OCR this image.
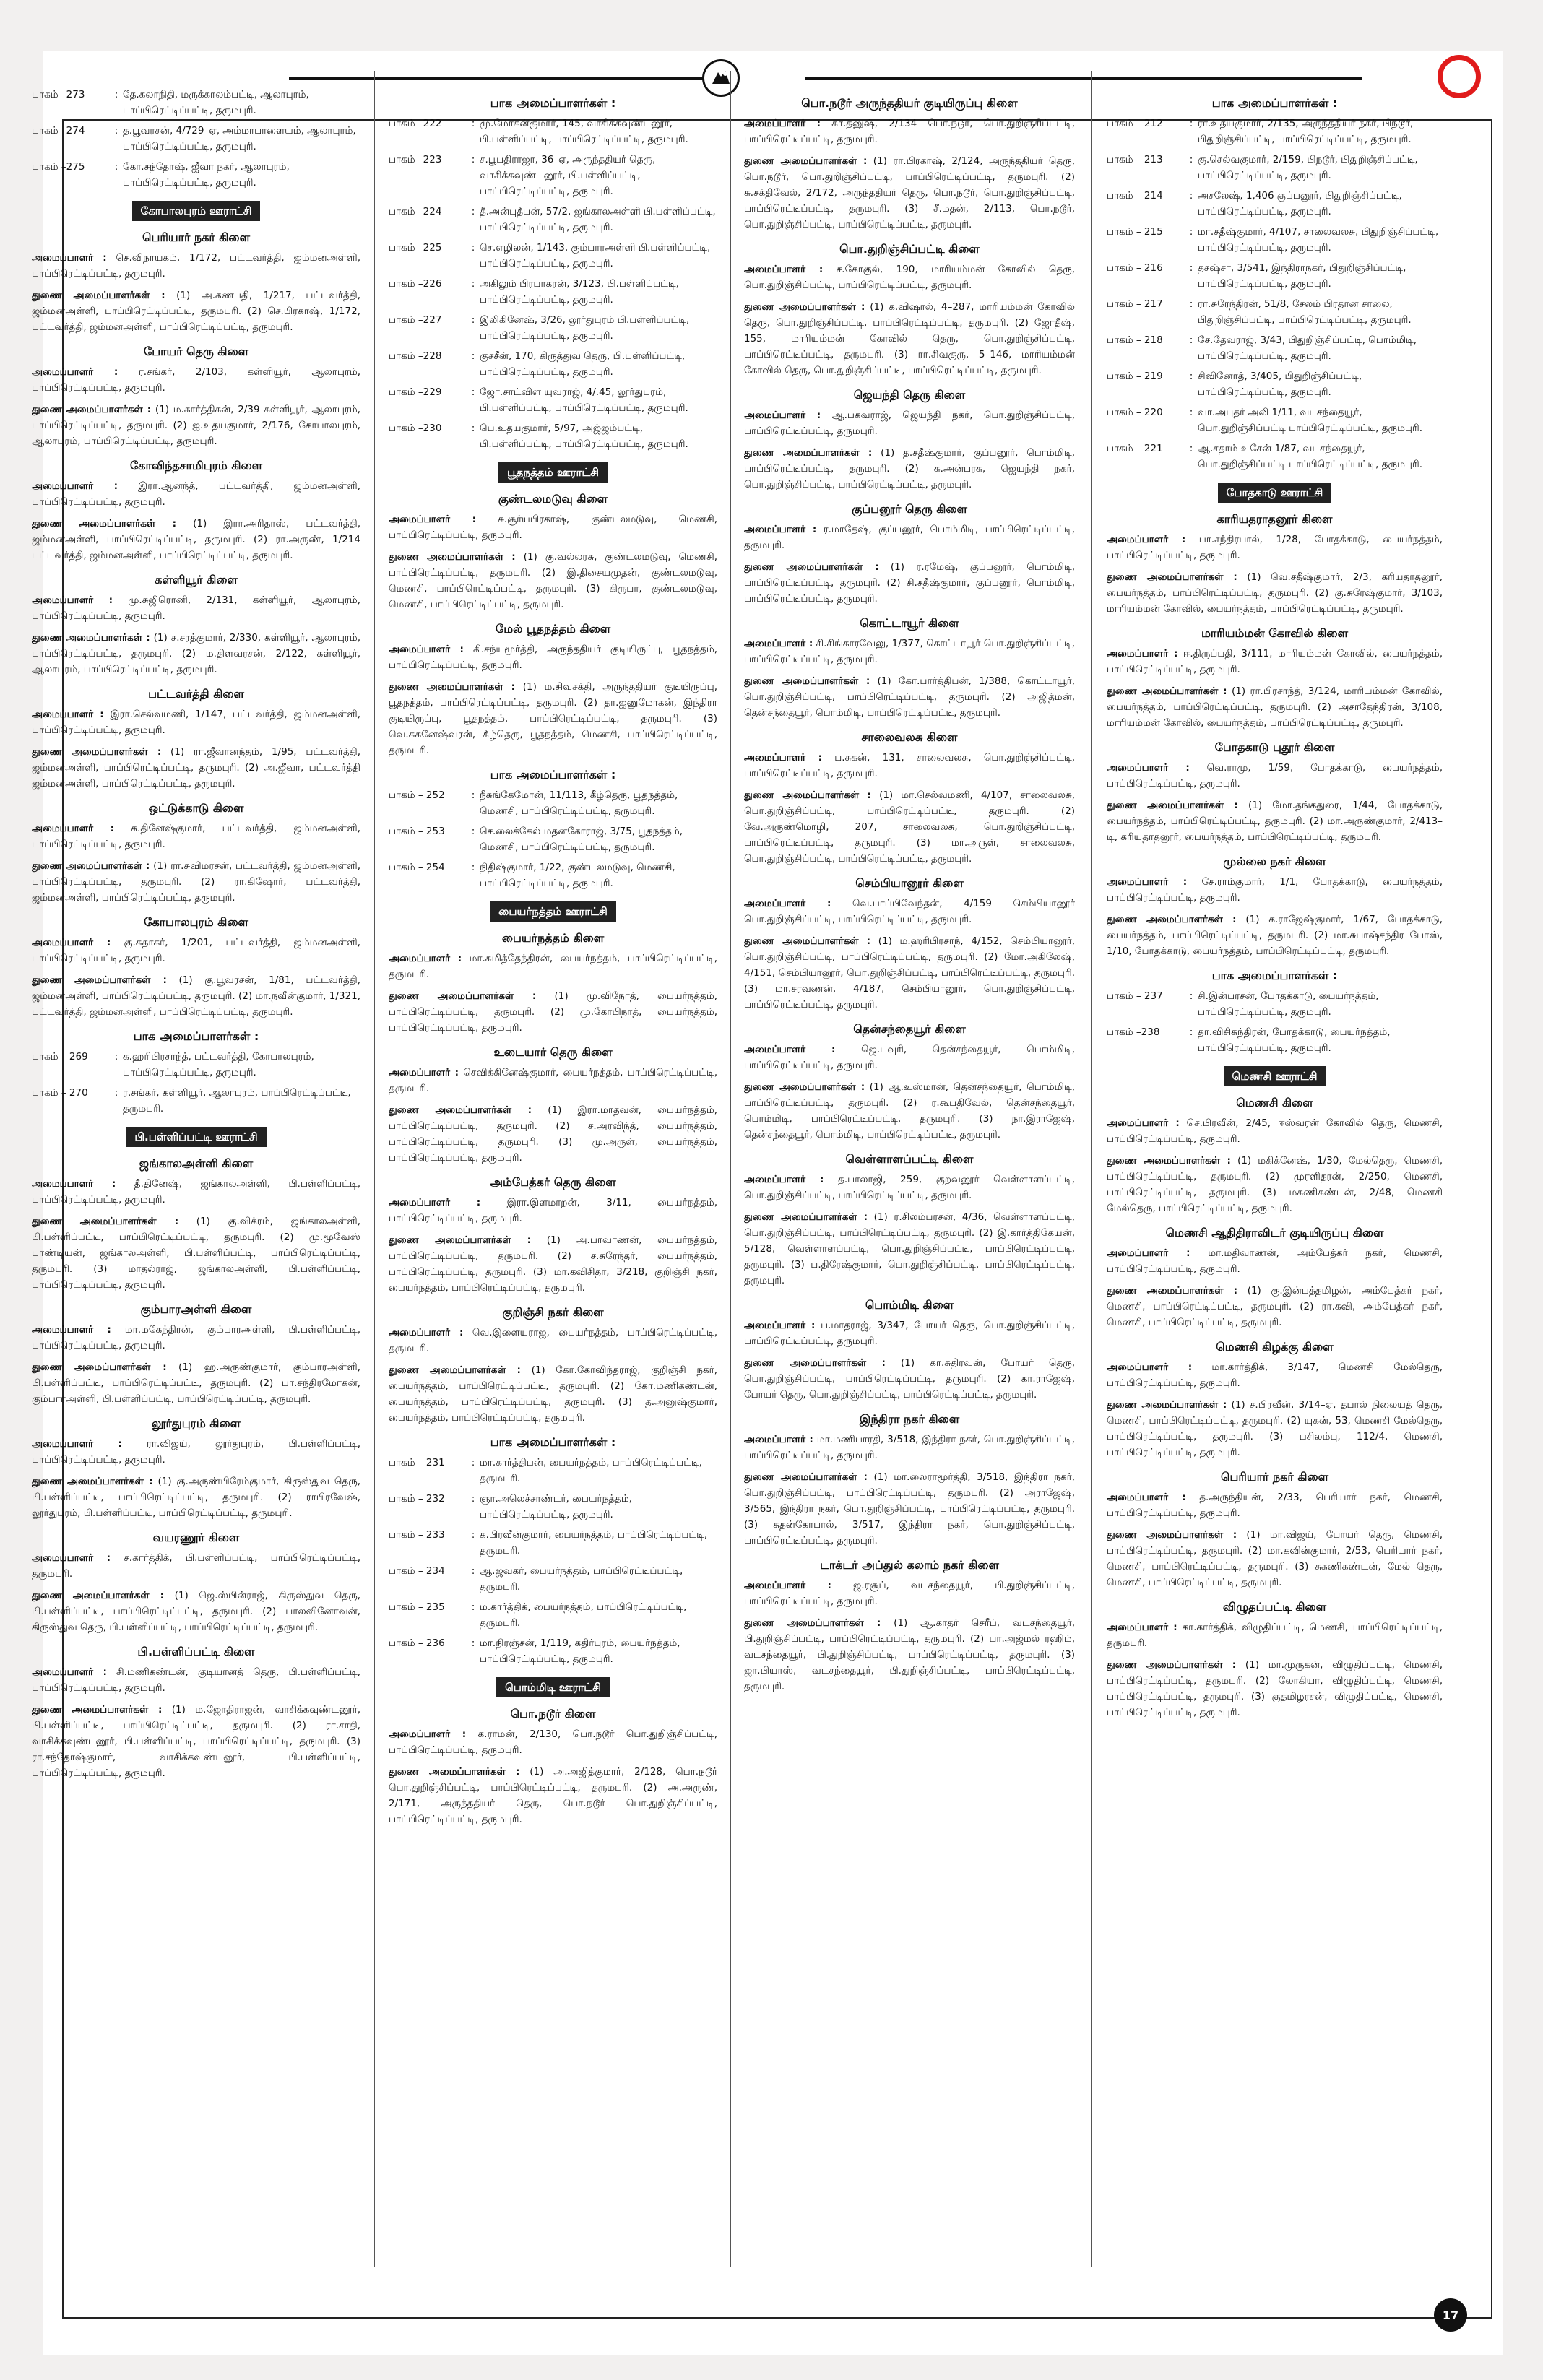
பாகம் –273	: தே.கலாநிதி, மருக்காலம்பட்டி, ஆலாபுரம், பாப்பிரெட்டிப்பட்டி, தருமபுரி.
பாகம் –274	: த.பூவரசன், 4/729–ஏ, அம்மாபாளையம், ஆலாபுரம், பாப்பிரெட்டிப்பட்டி, தருமபுரி.
பாகம் –275	: கோ.சந்தோஷ், ஜீவா நகர், ஆலாபுரம், பாப்பிரெட்டிப்பட்டி, தருமபுரி.
கோபாலபுரம் ஊராட்சி
பெரியார் நகர் கிளை
அமைப்பாளர் : செ.விநாயகம், 1/172, பட்டவர்த்தி, ஜம்மனஅள்ளி, பாப்பிரெட்டிப்பட்டி, தருமபுரி.
துணை அமைப்பாளர்கள் : (1) அ.கணபதி, 1/217, பட்டவர்த்தி, ஜம்மனஅள்ளி, பாப்பிரெட்டிப்பட்டி, தருமபுரி. (2) செ.பிரகாஷ், 1/172, பட்டவர்த்தி, ஜம்மனஅள்ளி, பாப்பிரெட்டிப்பட்டி, தருமபுரி.
போயர் தெரு கிளை
அமைப்பாளர் : ர.சங்கர், 2/103, கள்ளியூர், ஆலாபுரம், பாப்பிரெட்டிப்பட்டி, தருமபுரி.
துணை அமைப்பாளர்கள் : (1) ம.கார்த்திகன், 2/39 கள்ளியூர், ஆலாபுரம், பாப்பிரெட்டிப்பட்டி, தருமபுரி. (2) ஐ.உதயகுமார், 2/176, கோபாலபுரம், ஆலாபுரம், பாப்பிரெட்டிப்பட்டி, தருமபுரி.
கோவிந்தசாமிபுரம் கிளை
அமைப்பாளர் : இரா.ஆனந்த், பட்டவர்த்தி, ஜம்மனஅள்ளி, பாப்பிரெட்டிப்பட்டி, தருமபுரி.
துணை அமைப்பாளர்கள் : (1) இரா.அரிதாஸ், பட்டவர்த்தி, ஜம்மனஅள்ளி, பாப்பிரெட்டிப்பட்டி, தருமபுரி. (2) ரா.அருண், 1/214 பட்டவர்த்தி, ஜம்மனஅள்ளி, பாப்பிரெட்டிப்பட்டி, தருமபுரி.
கள்ளியூர் கிளை
அமைப்பாளர் : மு.சுஜிரொனி, 2/131, கள்ளியூர், ஆலாபுரம், பாப்பிரெட்டிப்பட்டி, தருமபுரி.
துணை அமைப்பாளர்கள் : (1) ச.சரத்குமார், 2/330, கள்ளியூர், ஆலாபுரம், பாப்பிரெட்டிப்பட்டி, தருமபுரி. (2) ம.திளவரசன், 2/122, கள்ளியூர், ஆலாபுரம், பாப்பிரெட்டிப்பட்டி, தருமபுரி.
பட்டவர்த்தி கிளை
அமைப்பாளர் : இரா.செல்வமணி, 1/147, பட்டவர்த்தி, ஜம்மனஅள்ளி, பாப்பிரெட்டிப்பட்டி, தருமபுரி.
துணை அமைப்பாளர்கள் : (1) ரா.ஜீவானந்தம், 1/95, பட்டவர்த்தி, ஜம்மனஅள்ளி, பாப்பிரெட்டிப்பட்டி, தருமபுரி. (2) அ.ஜீவா, பட்டவர்த்தி ஜம்மனஅள்ளி, பாப்பிரெட்டிப்பட்டி, தருமபுரி.
ஒட்டுக்காடு கிளை
அமைப்பாளர் : சு.தினேஷ்குமார், பட்டவர்த்தி, ஜம்மனஅள்ளி, பாப்பிரெட்டிப்பட்டி, தருமபுரி.
துணை அமைப்பாளர்கள் : (1) ரா.சுவிமரசன், பட்டவர்த்தி, ஜம்மனஅள்ளி, பாப்பிரெட்டிப்பட்டி, தருமபுரி. (2) ரா.கிஷோர், பட்டவர்த்தி, ஜம்மனஅள்ளி, பாப்பிரெட்டிப்பட்டி, தருமபுரி.
கோபாலபுரம் கிளை
அமைப்பாளர் : கு.சுதாகர், 1/201, பட்டவர்த்தி, ஜம்மனஅள்ளி, பாப்பிரெட்டிப்பட்டி, தருமபுரி.
துணை அமைப்பாளர்கள் : (1) கு.பூவரசன், 1/81, பட்டவர்த்தி, ஜம்மனஅள்ளி, பாப்பிரெட்டிப்பட்டி, தருமபுரி. (2) மா.நவீன்குமார், 1/321, பட்டவர்த்தி, ஜம்மனஅள்ளி, பாப்பிரெட்டிப்பட்டி, தருமபுரி.
பாக அமைப்பாளர்கள் :
பாகம் – 269	: க.ஹரிபிரசாந்த், பட்டவர்த்தி, கோபாலபுரம், பாப்பிரெட்டிப்பட்டி, தருமபுரி.
பாகம் – 270	: ர.சங்கர், கள்ளியூர், ஆலாபுரம், பாப்பிரெட்டிப்பட்டி, தருமபுரி.
பி.பள்ளிப்பட்டி ஊராட்சி
ஜங்காலஅள்ளி கிளை
அமைப்பாளர் : தீ.தினேஷ், ஜங்காலஅள்ளி, பி.பள்ளிப்பட்டி, பாப்பிரெட்டிப்பட்டி, தருமபுரி.
துணை அமைப்பாளர்கள் : (1) கு.விக்ரம், ஜங்காலஅள்ளி, பி.பள்ளிப்பட்டி, பாப்பிரெட்டிப்பட்டி, தருமபுரி. (2) மு.மூவேஸ் பாண்டியன், ஜங்காலஅள்ளி, பி.பள்ளிப்பட்டி, பாப்பிரெட்டிப்பட்டி, தருமபுரி. (3) மாதல்ராஜ், ஜங்காலஅள்ளி, பி.பள்ளிப்பட்டி, பாப்பிரெட்டிப்பட்டி, தருமபுரி.
கும்பாரஅள்ளி கிளை
அமைப்பாளர் : மா.மகேந்திரன், கும்பாரஅள்ளி, பி.பள்ளிப்பட்டி, பாப்பிரெட்டிப்பட்டி, தருமபுரி.
துணை அமைப்பாளர்கள் : (1) ஹ.அருண்குமார், கும்பாரஅள்ளி, பி.பள்ளிப்பட்டி, பாப்பிரெட்டிப்பட்டி, தருமபுரி. (2) பா.சந்திரமோகன், கும்பாரஅள்ளி, பி.பள்ளிப்பட்டி, பாப்பிரெட்டிப்பட்டி, தருமபுரி.
லூர்துபுரம் கிளை
அமைப்பாளர் :	ரா.விஜய், லூர்துபுரம், பி.பள்ளிப்பட்டி, பாப்பிரெட்டிப்பட்டி, தருமபுரி.
துணை அமைப்பாளர்கள் : (1) கு.அருண்பிரேம்குமார், கிருஸ்துவ தெரு, பி.பள்ளிப்பட்டி, பாப்பிரெட்டிப்பட்டி, தருமபுரி. (2) ராபிரவேஷ், லூர்துபுரம், பி.பள்ளிப்பட்டி, பாப்பிரெட்டிப்பட்டி, தருமபுரி.
வயரணூர் கிளை
அமைப்பாளர் : ச.கார்த்திக், பி.பள்ளிப்பட்டி, பாப்பிரெட்டிப்பட்டி, தருமபுரி.
துணை அமைப்பாளர்கள் : (1) ஜெ.ஸ்பின்ராஜ், கிருஸ்துவ தெரு, பி.பள்ளிப்பட்டி, பாப்பிரெட்டிப்பட்டி, தருமபுரி. (2) பாலவினோவன், கிருஸ்துவ தெரு, பி.பள்ளிப்பட்டி, பாப்பிரெட்டிப்பட்டி, தருமபுரி.
பி.பள்ளிப்பட்டி கிளை
அமைப்பாளர் : சி.மணிகண்டன், குடியானத் தெரு, பி.பள்ளிப்பட்டி, பாப்பிரெட்டிப்பட்டி, தருமபுரி.
துணை அமைப்பாளர்கள் : (1) ம.ஜோதிராஜன், வாசிக்கவுண்டனூர், பி.பள்ளிப்பட்டி, பாப்பிரெட்டிப்பட்டி, தருமபுரி. (2) ரா.சாதி, வாசிக்கவுண்டனூர், பி.பள்ளிப்பட்டி, பாப்பிரெட்டிப்பட்டி, தருமபுரி. (3) ரா.சந்தோஷ்குமார், வாசிக்கவுண்டனூர், பி.பள்ளிப்பட்டி, பாப்பிரெட்டிப்பட்டி, தருமபுரி.
பாக அமைப்பாளர்கள் :
பாகம் –222	: மு.மோகன்குமார், 145, வாசிக்கவுண்டனூர், பி.பள்ளிப்பட்டி, பாப்பிரெட்டிப்பட்டி, தருமபுரி.
பாகம் –223	: ச.பூபதிராஜா, 36–ஏ, அருந்ததியர் தெரு, வாசிக்கவுண்டனூர், பி.பள்ளிப்பட்டி, பாப்பிரெட்டிப்பட்டி, தருமபுரி.
பாகம் –224	: தீ.அன்புதீபன், 57/2, ஜங்காலஅள்ளி பி.பள்ளிப்பட்டி, பாப்பிரெட்டிப்பட்டி, தருமபுரி.
பாகம் –225	: செ.எழிலன், 1/143, கும்பாரஅள்ளி பி.பள்ளிப்பட்டி, பாப்பிரெட்டிப்பட்டி, தருமபுரி.
பாகம் –226	: அகிலும் பிரபாகரன், 3/123, பி.பள்ளிப்பட்டி, பாப்பிரெட்டிப்பட்டி, தருமபுரி.
பாகம் –227	: இலிகினேஷ், 3/26, லூர்துபுரம் பி.பள்ளிப்பட்டி, பாப்பிரெட்டிப்பட்டி, தருமபுரி.
பாகம் –228	: குசசீன், 170, கிருத்துவ தெரு, பி.பள்ளிப்பட்டி, பாப்பிரெட்டிப்பட்டி, தருமபுரி.
பாகம் –229	: ஜோ.சாட்விள யுவராஜ், 4/.45, லூர்துபுரம், பி.பள்ளிப்பட்டி, பாப்பிரெட்டிப்பட்டி, தருமபுரி.
பாகம் –230	: பெ.உதயகுமார், 5/97, அஜ்ஜம்பட்டி, பி.பள்ளிப்பட்டி, பாப்பிரெட்டிப்பட்டி, தருமபுரி.
பூதநத்தம் ஊராட்சி
குண்டலமடுவு கிளை
அமைப்பாளர் : சு.சூர்யபிரகாஷ், குண்டலமடுவு, மெணசி, பாப்பிரெட்டிப்பட்டி, தருமபுரி.
துணை அமைப்பாளர்கள் : (1) கு.வல்லரசு, குண்டலமடுவு, மெணசி, பாப்பிரெட்டிப்பட்டி, தருமபுரி. (2) இ.திசையமுதன், குண்டலமடுவு, மெணசி, பாப்பிரெட்டிப்பட்டி, தருமபுரி. (3) கிருபா, குண்டலமடுவு, மெணசி, பாப்பிரெட்டிப்பட்டி, தருமபுரி.
மேல் பூதநத்தம் கிளை
அமைப்பாளர் : கி.சந்யமூர்த்தி, அருந்ததியர் குடியிருப்பு, பூதநத்தம், பாப்பிரெட்டிப்பட்டி, தருமபுரி.
துணை அமைப்பாளர்கள் : (1) ம.சிவசக்தி, அருந்ததியர் குடியிருப்பு, பூதநத்தம், பாப்பிரெட்டிப்பட்டி, தருமபுரி. (2) தா.ஜனுமோகன், இந்திரா குடியிருப்பு, பூதநத்தம், பாப்பிரெட்டிப்பட்டி, தருமபுரி. (3) வெ.சுகனேஷ்வரன், கீழ்தெரு, பூதநத்தம், மெணசி, பாப்பிரெட்டிப்பட்டி, தருமபுரி.
பாக அமைப்பாளர்கள் :
பாகம் – 252	: நீசுங்கேமோன், 11/113, கீழ்தெரு, பூதநத்தம், மெணசி, பாப்பிரெட்டிப்பட்டி, தருமபுரி.
பாகம் – 253	: செ.லைக்கேல் மதனகோராஜ், 3/75, பூதநத்தம், மெணசி, பாப்பிரெட்டிப்பட்டி, தருமபுரி.
பாகம் – 254	: நிதிஷ்குமார், 1/22, குண்டலமடுவு, மெணசி, பாப்பிரெட்டிப்பட்டி, தருமபுரி.
பையர்நத்தம் ஊராட்சி
பையர்நத்தம் கிளை
அமைப்பாளர் : மா.சுமித்தேந்திரன், பையர்நத்தம், பாப்பிரெட்டிப்பட்டி, தருமபுரி.
துணை அமைப்பாளர்கள் : (1) மு.விநோத், பையர்நத்தம், பாப்பிரெட்டிப்பட்டி, தருமபுரி. (2) மு.கோபிநாத், பையர்நத்தம், பாப்பிரெட்டிப்பட்டி, தருமபுரி.
உடையார் தெரு கிளை
அமைப்பாளர் : செவிக்கினேஷ்குமார், பையர்நத்தம், பாப்பிரெட்டிப்பட்டி, தருமபுரி.
துணை அமைப்பாளர்கள் : (1) இரா.மாதவன், பையர்நத்தம், பாப்பிரெட்டிப்பட்டி, தருமபுரி. (2) ச.அரவிந்த், பையர்நத்தம், பாப்பிரெட்டிப்பட்டி, தருமபுரி. (3) மு.அருள், பையர்நத்தம், பாப்பிரெட்டிப்பட்டி, தருமபுரி.
அம்பேத்கர் தெரு கிளை
அமைப்பாளர் :	இரா.இளமாறன், 3/11, பையர்நத்தம், பாப்பிரெட்டிப்பட்டி, தருமபுரி.
துணை அமைப்பாளர்கள் : (1) அ.பாவாணன், பையர்நத்தம், பாப்பிரெட்டிப்பட்டி, தருமபுரி. (2) ச.சுரேந்தர், பையர்நத்தம், பாப்பிரெட்டிப்பட்டி, தருமபுரி. (3) மா.கவிசிதா, 3/218, குறிஞ்சி நகர், பையர்நத்தம், பாப்பிரெட்டிப்பட்டி, தருமபுரி.
குறிஞ்சி நகர் கிளை
அமைப்பாளர் : வெ.இளையராஜ, பையர்நத்தம், பாப்பிரெட்டிப்பட்டி, தருமபுரி.
துணை அமைப்பாளர்கள் : (1) கோ.கோவிந்தராஜ், குறிஞ்சி நகர், பையர்நத்தம், பாப்பிரெட்டிப்பட்டி, தருமபுரி. (2) கோ.மணிகண்டன், பையர்நத்தம், பாப்பிரெட்டிப்பட்டி, தருமபுரி. (3) த.அனுஷ்குமார், பையர்நத்தம், பாப்பிரெட்டிப்பட்டி, தருமபுரி.
பாக அமைப்பாளர்கள் :
பாகம் – 231	: மா.கார்த்திபன், பையர்நத்தம், பாப்பிரெட்டிப்பட்டி, தருமபுரி.
பாகம் – 232	: ஞா.அலெச்சாண்டர், பையர்நத்தம், பாப்பிரெட்டிப்பட்டி, தருமபுரி.
பாகம் – 233	: க.பிரவீன்குமார், பையர்நத்தம், பாப்பிரெட்டிப்பட்டி, தருமபுரி.
பாகம் – 234	: ஆ.ஜவகர், பையர்நத்தம், பாப்பிரெட்டிப்பட்டி, தருமபுரி.
பாகம் – 235	: ம.கார்த்திக், பையர்நத்தம், பாப்பிரெட்டிப்பட்டி, தருமபுரி.
பாகம் – 236	: மா.நிரஞ்சன், 1/119, கதிர்புரம், பையர்நத்தம், பாப்பிரெட்டிப்பட்டி, தருமபுரி.
பொம்மிடி ஊராட்சி
பொ.நடூர் கிளை
அமைப்பாளர் : க.ராமன், 2/130, பொ.நடூர் பொ.துறிஞ்சிப்பட்டி, பாப்பிரெட்டிப்பட்டி, தருமபுரி.
துணை அமைப்பாளர்கள் : (1) அ.அஜித்குமார், 2/128, பொ.நடூர் பொ.துறிஞ்சிப்பட்டி, பாப்பிரெட்டிப்பட்டி, தருமபுரி. (2) அ.அருண், 2/171, அருந்ததியர் தெரு, பொ.நடூர் பொ.துறிஞ்சிப்பட்டி, பாப்பிரெட்டிப்பட்டி, தருமபுரி.
பொ.நடூர் அருந்ததியர் குடியிருப்பு கிளை
அமைப்பாளர் : கா.தனுஷ், 2/134 பொ.நடூர், பொ.துறிஞ்சிப்பட்டி, பாப்பிரெட்டிப்பட்டி, தருமபுரி.
துணை அமைப்பாளர்கள் : (1) ரா.பிரகாஷ், 2/124, அருந்ததியர் தெரு, பொ.நடூர், பொ.துறிஞ்சிப்பட்டி, பாப்பிரெட்டிப்பட்டி, தருமபுரி. (2) சு.சக்திவேல், 2/172, அருந்ததியர் தெரு, பொ.நடூர், பொ.துறிஞ்சிப்பட்டி, பாப்பிரெட்டிப்பட்டி, தருமபுரி. (3) சீ.மதன், 2/113, பொ.நடூர், பொ.துறிஞ்சிப்பட்டி, பாப்பிரெட்டிப்பட்டி, தருமபுரி.
பொ.துறிஞ்சிப்பட்டி கிளை
அமைப்பாளர் : ச.கோகுல், 190, மாரியம்மன் கோவில் தெரு, பொ.துறிஞ்சிப்பட்டி, பாப்பிரெட்டிப்பட்டி, தருமபுரி.
துணை அமைப்பாளர்கள் : (1) க.விஷால், 4–287, மாரியம்மன் கோவில் தெரு, பொ.துறிஞ்சிப்பட்டி, பாப்பிரெட்டிப்பட்டி, தருமபுரி. (2) ஜோதீஷ், 155, மாரியம்மன் கோவில் தெரு, பொ.துறிஞ்சிப்பட்டி, பாப்பிரெட்டிப்பட்டி, தருமபுரி. (3) ரா.சிவகுரு, 5–146, மாரியம்மன் கோவில் தெரு, பொ.துறிஞ்சிப்பட்டி, பாப்பிரெட்டிப்பட்டி, தருமபுரி.
ஜெயந்தி தெரு கிளை
அமைப்பாளர் : ஆ.பகவராஜ், ஜெயந்தி நகர், பொ.துறிஞ்சிப்பட்டி, பாப்பிரெட்டிப்பட்டி, தருமபுரி.
துணை அமைப்பாளர்கள் : (1) த.சதீஷ்குமார், குப்பனூர், பொம்மிடி, பாப்பிரெட்டிப்பட்டி, தருமபுரி. (2) சு.அன்பரசு, ஜெயந்தி நகர், பொ.துறிஞ்சிப்பட்டி, பாப்பிரெட்டிப்பட்டி, தருமபுரி.
குப்பனூர் தெரு கிளை
அமைப்பாளர் : ர.மாதேஷ், குப்பனூர், பொம்மிடி, பாப்பிரெட்டிப்பட்டி, தருமபுரி.
துணை அமைப்பாளர்கள் : (1) ர.ரமேஷ், குப்பனூர், பொம்மிடி, பாப்பிரெட்டிப்பட்டி, தருமபுரி. (2) சி.சதீஷ்குமார், குப்பனூர், பொம்மிடி, பாப்பிரெட்டிப்பட்டி, தருமபுரி.
கொட்டாயூர் கிளை
அமைப்பாளர் : சி.சிங்காரவேலு, 1/377, கொட்டாயூர் பொ.துறிஞ்சிப்பட்டி, பாப்பிரெட்டிப்பட்டி, தருமபுரி.
துணை அமைப்பாளர்கள் : (1) கோ.பார்த்திபன், 1/388, கொட்டாயூர், பொ.துறிஞ்சிப்பட்டி, பாப்பிரெட்டிப்பட்டி, தருமபுரி. (2) அஜித்மன், தென்சந்தையூர், பொம்மிடி, பாப்பிரெட்டிப்பட்டி, தருமபுரி.
சாலைவலசு கிளை
அமைப்பாளர் : ப.சுகன், 131, சாலைவலசு, பொ.துறிஞ்சிப்பட்டி, பாப்பிரெட்டிப்பட்டி, தருமபுரி.
துணை அமைப்பாளர்கள் : (1) மா.செல்வமணி, 4/107, சாலைவலசு, பொ.துறிஞ்சிப்பட்டி, பாப்பிரெட்டிப்பட்டி, தருமபுரி. (2) வே.அருண்மொழி, 207, சாலைவலசு, பொ.துறிஞ்சிப்பட்டி, பாப்பிரெட்டிப்பட்டி, தருமபுரி. (3) மா.அருள், சாலைவலசு, பொ.துறிஞ்சிப்பட்டி, பாப்பிரெட்டிப்பட்டி, தருமபுரி.
செம்பியானூர் கிளை
அமைப்பாளர் : வெ.பாப்பிவேந்தன், 4/159 செம்பியானூர் பொ.துறிஞ்சிப்பட்டி, பாப்பிரெட்டிப்பட்டி, தருமபுரி.
துணை அமைப்பாளர்கள் : (1) ம.ஹரிபிரசாந், 4/152, செம்பியானூர், பொ.துறிஞ்சிப்பட்டி, பாப்பிரெட்டிப்பட்டி, தருமபுரி. (2) மோ.அகிலேஷ், 4/151, செம்பியானூர், பொ.துறிஞ்சிப்பட்டி, பாப்பிரெட்டிப்பட்டி, தருமபுரி. (3) மா.சரவணன், 4/187, செம்பியானூர், பொ.துறிஞ்சிப்பட்டி, பாப்பிரெட்டிப்பட்டி, தருமபுரி.
தென்சந்தையூர் கிளை
அமைப்பாளர் :	ஜெ.பவுரி, தென்சந்தையூர், பொம்மிடி, பாப்பிரெட்டிப்பட்டி, தருமபுரி.
துணை அமைப்பாளர்கள் : (1) ஆ.உஸ்மான், தென்சந்தையூர், பொம்மிடி, பாப்பிரெட்டிப்பட்டி, தருமபுரி. (2) ர.கூபதிவேல், தென்சந்தையூர், பொம்மிடி, பாப்பிரெட்டிப்பட்டி, தருமபுரி. (3) நா.இராஜேஷ், தென்சந்தையூர், பொம்மிடி, பாப்பிரெட்டிப்பட்டி, தருமபுரி.
வெள்ளாளப்பட்டி கிளை
அமைப்பாளர் : த.பாலாஜி, 259, குறவனூர் வெள்ளாளப்பட்டி, பொ.துறிஞ்சிப்பட்டி, பாப்பிரெட்டிப்பட்டி, தருமபுரி.
துணை அமைப்பாளர்கள் : (1) ர.சிலம்பரசன், 4/36, வெள்ளாளப்பட்டி, பொ.துறிஞ்சிப்பட்டி, பாப்பிரெட்டிப்பட்டி, தருமபுரி. (2) இ.கார்த்திகேயன், 5/128, வெள்ளாளப்பட்டி, பொ.துறிஞ்சிப்பட்டி, பாப்பிரெட்டிப்பட்டி, தருமபுரி. (3) ப.திரேஷ்குமார், பொ.துறிஞ்சிப்பட்டி, பாப்பிரெட்டிப்பட்டி, தருமபுரி.
பொம்மிடி கிளை
அமைப்பாளர் : ப.மாதராஜ், 3/347, போயர் தெரு, பொ.துறிஞ்சிப்பட்டி, பாப்பிரெட்டிப்பட்டி, தருமபுரி.
துணை அமைப்பாளர்கள் : (1) கா.சுதிரவன், போயர் தெரு, பொ.துறிஞ்சிப்பட்டி, பாப்பிரெட்டிப்பட்டி, தருமபுரி. (2) கா.ராஜேஷ், போயர் தெரு, பொ.துறிஞ்சிப்பட்டி, பாப்பிரெட்டிப்பட்டி, தருமபுரி.
இந்திரா நகர் கிளை
அமைப்பாளர் : மா.மணிபாரதி, 3/518, இந்திரா நகர், பொ.துறிஞ்சிப்பட்டி, பாப்பிரெட்டிப்பட்டி, தருமபுரி.
துணை அமைப்பாளர்கள் : (1) மா.லைராமூர்த்தி, 3/518, இந்திரா நகர், பொ.துறிஞ்சிப்பட்டி, பாப்பிரெட்டிப்பட்டி, தருமபுரி. (2) அராஜேஷ், 3/565, இந்திரா நகர், பொ.துறிஞ்சிப்பட்டி, பாப்பிரெட்டிப்பட்டி, தருமபுரி. (3) சுதன்கோபால், 3/517, இந்திரா நகர், பொ.துறிஞ்சிப்பட்டி, பாப்பிரெட்டிப்பட்டி, தருமபுரி.
டாக்டர் அப்துல் கலாம் நகர் கிளை
அமைப்பாளர் : ஜ.ரசூப், வடசந்தையூர், பி.துறிஞ்சிப்பட்டி, பாப்பிரெட்டிப்பட்டி, தருமபுரி.
துணை அமைப்பாளர்கள் : (1) ஆ.காதர் செரீப், வடசந்தையூர், பி.துறிஞ்சிப்பட்டி, பாப்பிரெட்டிப்பட்டி, தருமபுரி. (2) பா.அஜ்மல் ரஹிம், வடசந்தையூர், பி.துறிஞ்சிப்பட்டி, பாப்பிரெட்டிப்பட்டி, தருமபுரி. (3) ஜா.பியாஸ், வடசந்தையூர், பி.துறிஞ்சிப்பட்டி, பாப்பிரெட்டிப்பட்டி, தருமபுரி.
பாக அமைப்பாளர்கள் :
பாகம் – 212	: ரா.உதயகுமார், 2/135, அருந்ததியர் நகர், பிநடூர், பிதுறிஞ்சிப்பட்டி, பாப்பிரெட்டிப்பட்டி, தருமபுரி.
பாகம் – 213	: கு.செல்வகுமார், 2/159, பிநடூர், பிதுறிஞ்சிப்பட்டி, பாப்பிரெட்டிப்பட்டி, தருமபுரி.
பாகம் – 214	: அசலேஷ், 1,406 குப்பனூர், பிதுறிஞ்சிப்பட்டி, பாப்பிரெட்டிப்பட்டி, தருமபுரி.
பாகம் – 215	: மா.சதீஷ்குமார், 4/107, சாலைவலசு, பிதுறிஞ்சிப்பட்டி, பாப்பிரெட்டிப்பட்டி, தருமபுரி.
பாகம் – 216	: தசஷ்சா, 3/541, இந்திராநகர், பிதுறிஞ்சிப்பட்டி, பாப்பிரெட்டிப்பட்டி, தருமபுரி.
பாகம் – 217	: ரா.சுரேந்திரன், 51/8, சேலம் பிரதான சாலை, பிதுறிஞ்சிப்பட்டி, பாப்பிரெட்டிப்பட்டி, தருமபுரி.
பாகம் – 218	: சே.தேவராஜ், 3/43, பிதுறிஞ்சிப்பட்டி, பொம்மிடி, பாப்பிரெட்டிப்பட்டி, தருமபுரி.
பாகம் – 219	: சிவினோத், 3/405, பிதுறிஞ்சிப்பட்டி, பாப்பிரெட்டிப்பட்டி, தருமபுரி.
பாகம் – 220	: வா.அபுதர் அலி 1/11, வடசந்தையூர், பொ.துறிஞ்சிப்பட்டி பாப்பிரெட்டிப்பட்டி, தருமபுரி.
பாகம் – 221	: ஆ.சதாம் உசேன் 1/87, வடசந்தையூர், பொ.துறிஞ்சிப்பட்டி பாப்பிரெட்டிப்பட்டி, தருமபுரி.
போதகாடு ஊராட்சி
காரியதராதனூர் கிளை
அமைப்பாளர் : பா.சந்திரபால், 1/28, போதக்காடு, பையர்நத்தம், பாப்பிரெட்டிப்பட்டி, தருமபுரி.
துணை அமைப்பாளர்கள் : (1) வெ.சதீஷ்குமார், 2/3, கரியதாதனூர், பையர்நத்தம், பாப்பிரெட்டிப்பட்டி, தருமபுரி. (2) கு.சுரேஷ்குமார், 3/103, மாரியம்மன் கோவில், பையர்நத்தம், பாப்பிரெட்டிப்பட்டி, தருமபுரி.
மாரியம்மன் கோவில் கிளை
அமைப்பாளர் : ஈ.திருப்பதி, 3/111, மாரியம்மன் கோவில், பையர்நத்தம், பாப்பிரெட்டிப்பட்டி, தருமபுரி.
துணை அமைப்பாளர்கள் : (1) ரா.பிரசாந்த், 3/124, மாரியம்மன் கோவில், பையர்நத்தம், பாப்பிரெட்டிப்பட்டி, தருமபுரி. (2) அசாதேந்திரன், 3/108, மாரியம்மன் கோவில், பையர்நத்தம், பாப்பிரெட்டிப்பட்டி, தருமபுரி.
போதகாடு புதூர் கிளை
அமைப்பாளர் : வெ.ராமு, 1/59, போதக்காடு, பையர்நத்தம், பாப்பிரெட்டிப்பட்டி, தருமபுரி.
துணை அமைப்பாளர்கள் : (1) மோ.தங்கதுரை, 1/44, போதக்காடு, பையர்நத்தம், பாப்பிரெட்டிப்பட்டி, தருமபுரி. (2) மா.அருண்குமார், 2/413–டி, கரியதாதனூர், பையர்நத்தம், பாப்பிரெட்டிப்பட்டி, தருமபுரி.
முல்லை நகர் கிளை
அமைப்பாளர் : சே.ராம்குமார், 1/1, போதக்காடு, பையர்நத்தம், பாப்பிரெட்டிப்பட்டி, தருமபுரி.
துணை அமைப்பாளர்கள் : (1) க.ராஜேஷ்குமார், 1/67, போதக்காடு, பையர்நத்தம், பாப்பிரெட்டிப்பட்டி, தருமபுரி. (2) மா.சுபாஷ்சந்திர போஸ், 1/10, போதக்காடு, பையர்நத்தம், பாப்பிரெட்டிப்பட்டி, தருமபுரி.
பாக அமைப்பாளர்கள் :
பாகம் – 237	: சி.இன்பரசன், போதக்காடு, பையர்நத்தம், பாப்பிரெட்டிப்பட்டி, தருமபுரி.
பாகம் –238	: தா.விசிசுந்திரன், போதக்காடு, பையர்நத்தம், பாப்பிரெட்டிப்பட்டி, தருமபுரி.
மெணசி ஊராட்சி
மெணசி கிளை
அமைப்பாளர் : செ.பிரவீன், 2/45, ஈஸ்வரன் கோவில் தெரு, மெணசி, பாப்பிரெட்டிப்பட்டி, தருமபுரி.
துணை அமைப்பாளர்கள் : (1) மகிக்னேஷ், 1/30, மேல்தெரு, மெணசி, பாப்பிரெட்டிப்பட்டி, தருமபுரி. (2) முரளிதரன், 2/250, மெணசி, பாப்பிரெட்டிப்பட்டி, தருமபுரி. (3) மகணிகண்டன், 2/48, மெணசி மேல்தெரு, பாப்பிரெட்டிப்பட்டி, தருமபுரி.
மெணசி ஆதிதிராவிடர் குடியிருப்பு கிளை
அமைப்பாளர் : மா.மதிவாணன், அம்பேத்கர் நகர், மெணசி, பாப்பிரெட்டிப்பட்டி, தருமபுரி.
துணை அமைப்பாளர்கள் : (1) கு.இன்பத்தமிழன், அம்பேத்கர் நகர், மெணசி, பாப்பிரெட்டிப்பட்டி, தருமபுரி. (2) ரா.கவி, அம்பேத்கர் நகர், மெணசி, பாப்பிரெட்டிப்பட்டி, தருமபுரி.
மெணசி கிழக்கு கிளை
அமைப்பாளர் : மா.கார்த்திக், 3/147, மெணசி மேல்தெரு, பாப்பிரெட்டிப்பட்டி, தருமபுரி.
துணை அமைப்பாளர்கள் : (1) ச.பிரவீன், 3/14–ஏ, தபால் நிலையத் தெரு, மெணசி, பாப்பிரெட்டிப்பட்டி, தருமபுரி. (2) யுகன், 53, மெணசி மேல்தெரு, பாப்பிரெட்டிப்பட்டி, தருமபுரி. (3) பசிலம்பு, 112/4, மெணசி, பாப்பிரெட்டிப்பட்டி, தருமபுரி.
பெரியார் நகர் கிளை
அமைப்பாளர் : த.அருந்தியன், 2/33, பெரியார் நகர், மெணசி, பாப்பிரெட்டிப்பட்டி, தருமபுரி.
துணை அமைப்பாளர்கள் : (1) மா.விஜய், போயர் தெரு, மெணசி, பாப்பிரெட்டிப்பட்டி, தருமபுரி. (2) மா.கவின்குமார், 2/53, பெரியார் நகர், மெணசி, பாப்பிரெட்டிப்பட்டி, தருமபுரி. (3) சுகணிகண்டன், மேல் தெரு, மெணசி, பாப்பிரெட்டிப்பட்டி, தருமபுரி.
விழுதப்பட்டி கிளை
அமைப்பாளர் : கா.கார்த்திக், விழுதிப்பட்டி, மெணசி, பாப்பிரெட்டிப்பட்டி, தருமபுரி.
துணை அமைப்பாளர்கள் : (1) மா.முருகன், விழுதிப்பட்டி, மெணசி, பாப்பிரெட்டிப்பட்டி, தருமபுரி. (2) லோகியா, விழுதிப்பட்டி, மெணசி, பாப்பிரெட்டிப்பட்டி, தருமபுரி. (3) குதமிழரசன், விழுதிப்பட்டி, மெணசி, பாப்பிரெட்டிப்பட்டி, தருமபுரி.
17
